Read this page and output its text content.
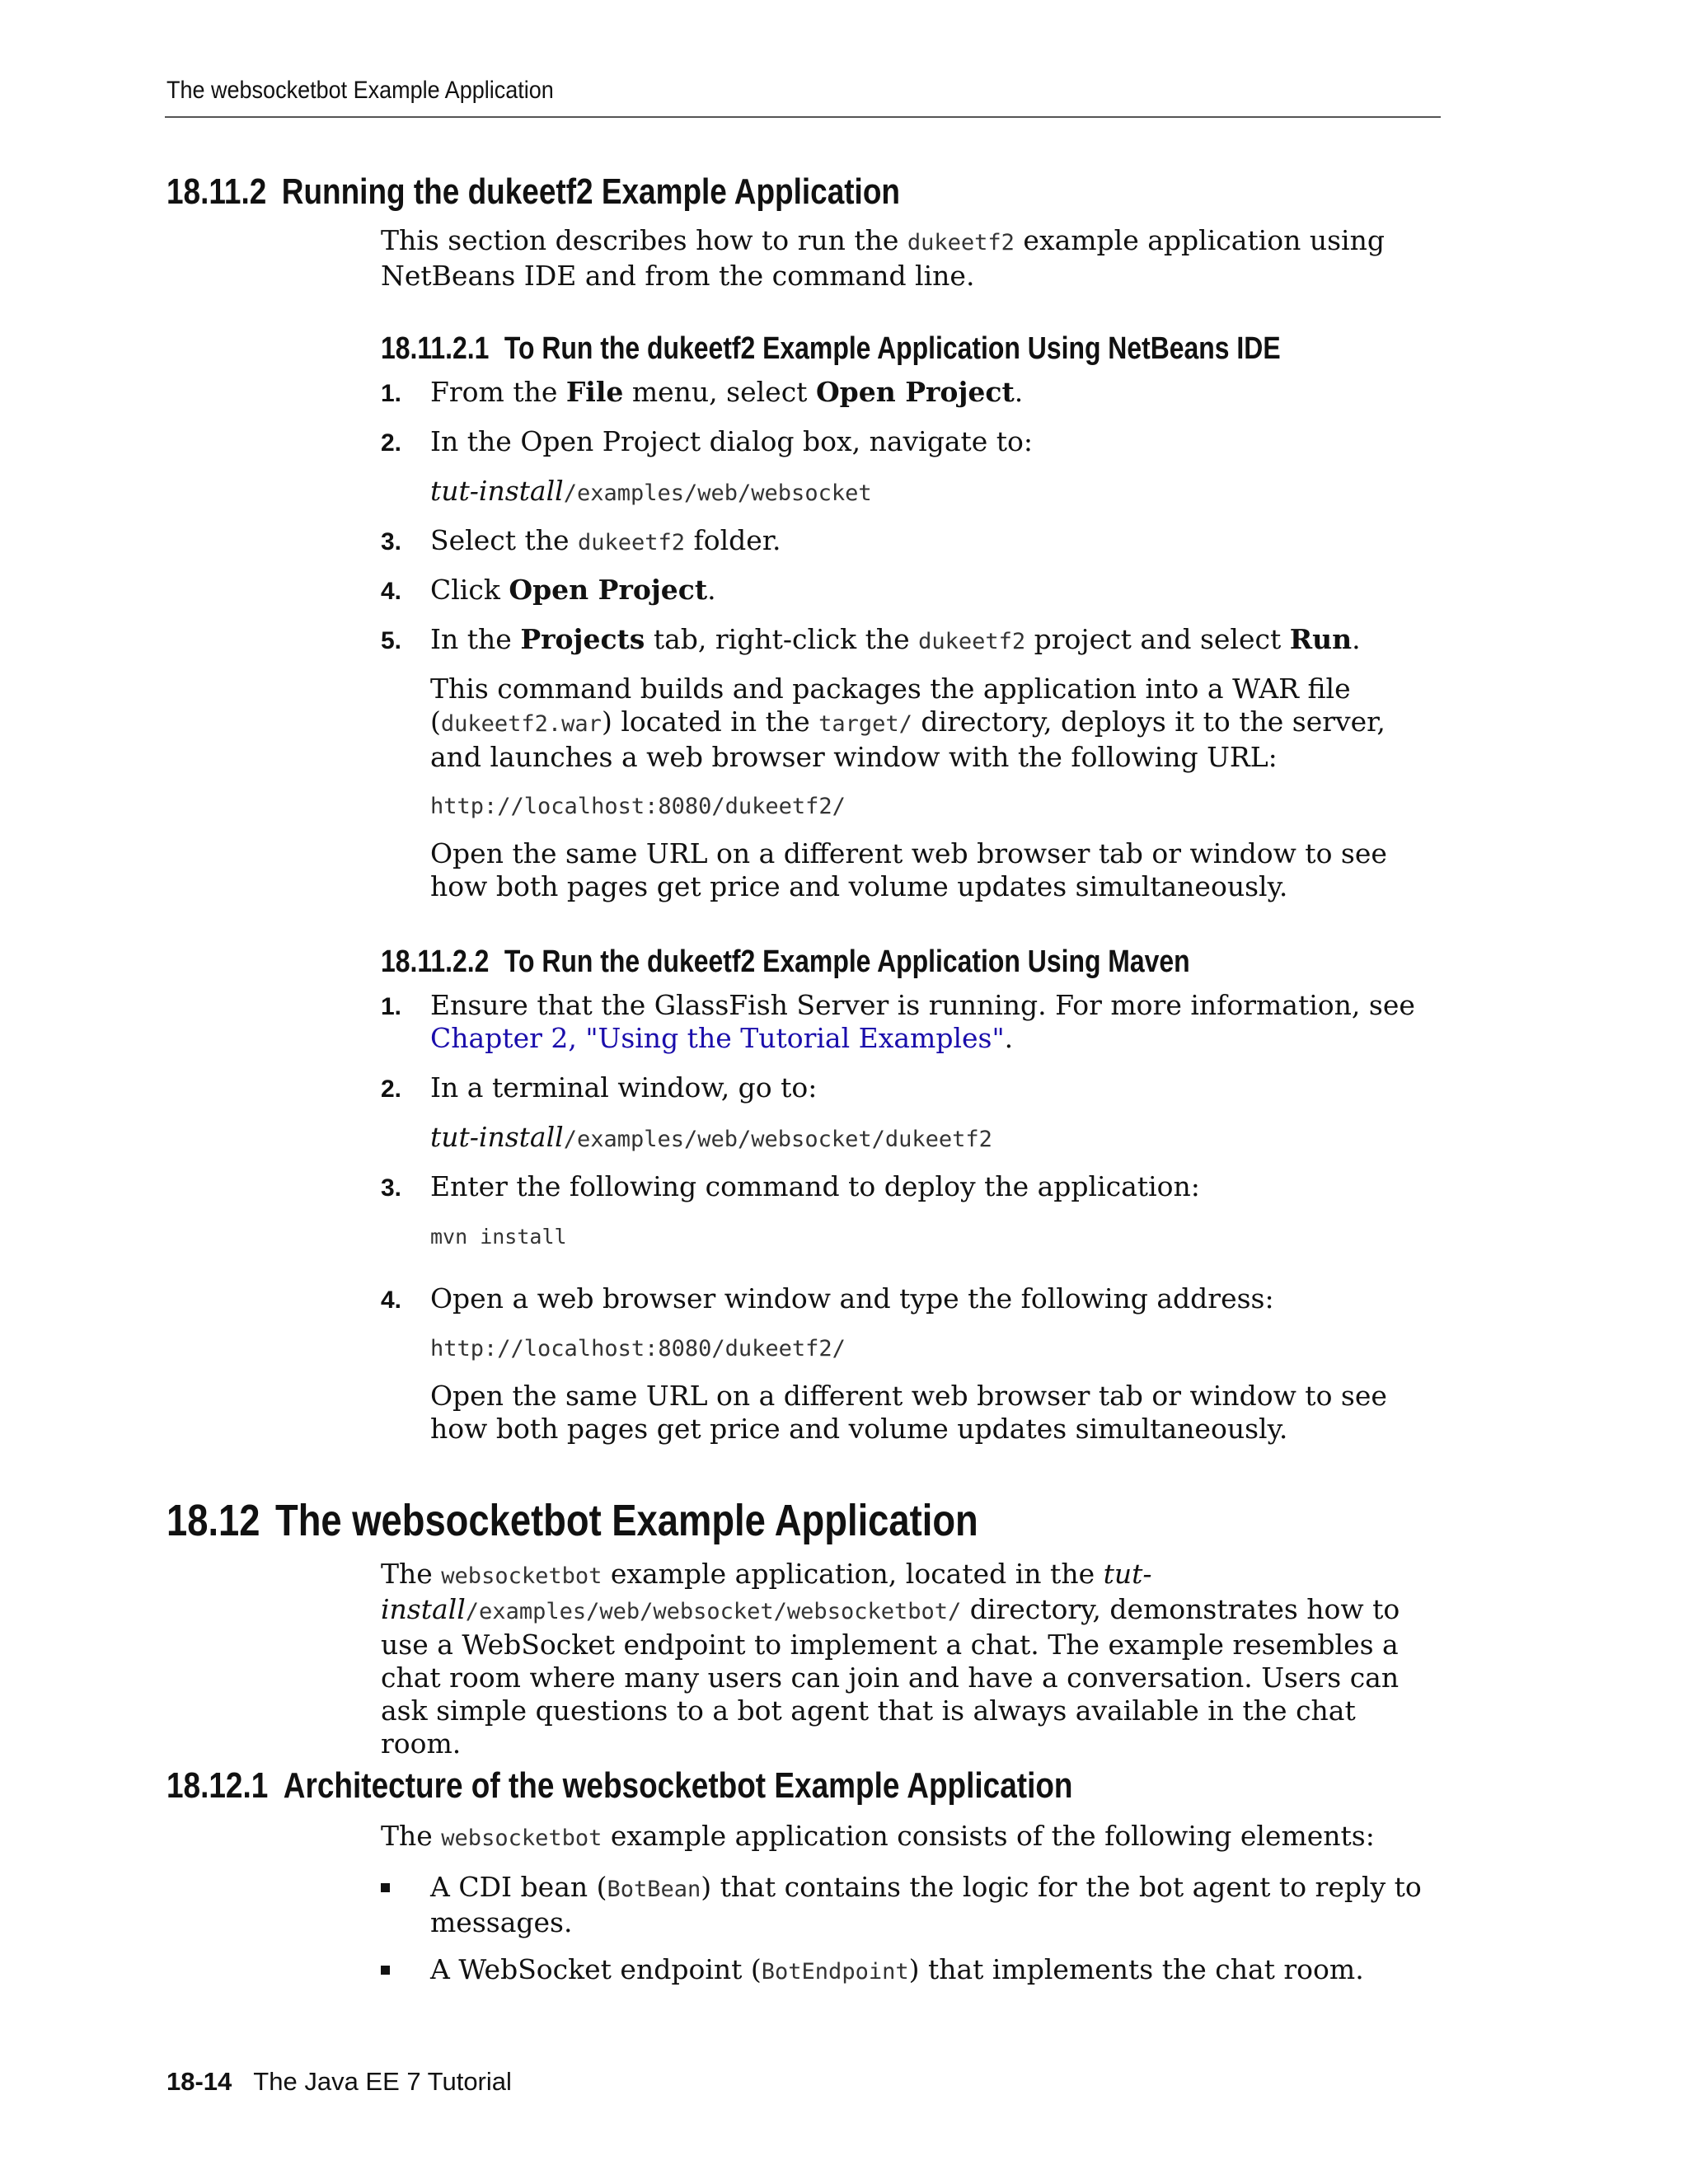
The websocketbot Example Application
18.11.2 Running the dukeetf2 Example Application
This section describes how to run the dukeetf2 example application using NetBeans IDE and from the command line.
18.11.2.1 To Run the dukeetf2 Example Application Using NetBeans IDE
1. From the File menu, select Open Project.
2. In the Open Project dialog box, navigate to:
tut-install/examples/web/websocket
3. Select the dukeetf2 folder.
4. Click Open Project.
5. In the Projects tab, right-click the dukeetf2 project and select Run.
This command builds and packages the application into a WAR file (dukeetf2.war) located in the target/ directory, deploys it to the server, and launches a web browser window with the following URL:
http://localhost:8080/dukeetf2/
Open the same URL on a different web browser tab or window to see how both pages get price and volume updates simultaneously.
18.11.2.2 To Run the dukeetf2 Example Application Using Maven
1. Ensure that the GlassFish Server is running. For more information, see Chapter 2, "Using the Tutorial Examples".
2. In a terminal window, go to:
tut-install/examples/web/websocket/dukeetf2
3. Enter the following command to deploy the application:
mvn install
4. Open a web browser window and type the following address:
http://localhost:8080/dukeetf2/
Open the same URL on a different web browser tab or window to see how both pages get price and volume updates simultaneously.
18.12 The websocketbot Example Application
The websocketbot example application, located in the tut-install/examples/web/websocket/websocketbot/ directory, demonstrates how to use a WebSocket endpoint to implement a chat. The example resembles a chat room where many users can join and have a conversation. Users can ask simple questions to a bot agent that is always available in the chat room.
18.12.1 Architecture of the websocketbot Example Application
The websocketbot example application consists of the following elements:
A CDI bean (BotBean) that contains the logic for the bot agent to reply to messages.
A WebSocket endpoint (BotEndpoint) that implements the chat room.
18-14 The Java EE 7 Tutorial
